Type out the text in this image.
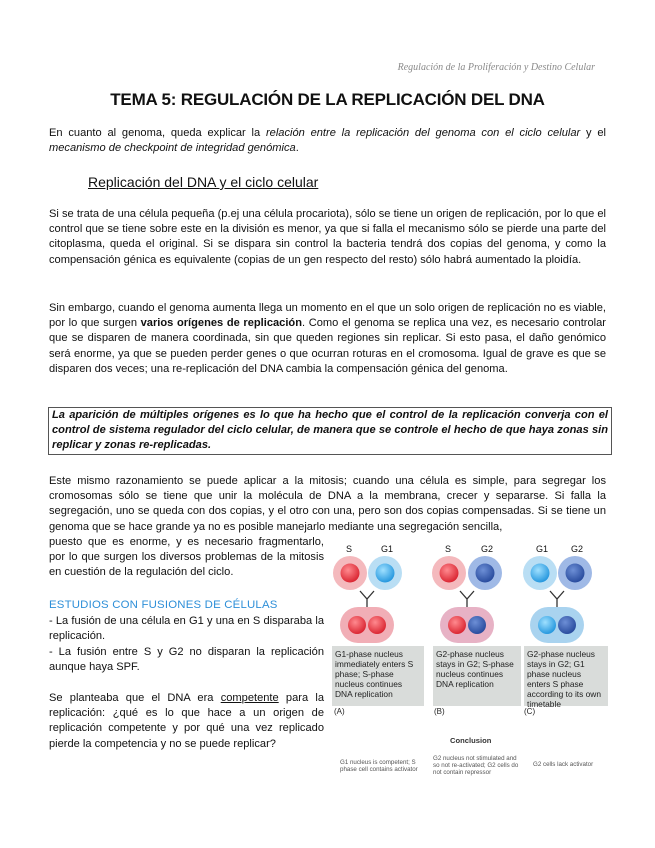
Regulación de la Proliferación y Destino Celular
TEMA 5: REGULACIÓN DE LA REPLICACIÓN DEL DNA
En cuanto al genoma, queda explicar la relación entre la replicación del genoma con el ciclo celular y el mecanismo de checkpoint de integridad genómica.
Replicación del DNA y el ciclo celular
Si se trata de una célula pequeña (p.ej una célula procariota), sólo se tiene un origen de replicación, por lo que el control que se tiene sobre este en la división es menor, ya que si falla el mecanismo sólo se pierde una parte del citoplasma, queda el original. Si se dispara sin control la bacteria tendrá dos copias del genoma, y como la compensación génica es equivalente (copias de un gen respecto del resto) sólo habrá aumentado la ploidía.
Sin embargo, cuando el genoma aumenta llega un momento en el que un solo origen de replicación no es viable, por lo que surgen varios orígenes de replicación. Como el genoma se replica una vez, es necesario controlar que se disparen de manera coordinada, sin que queden regiones sin replicar. Si esto pasa, el daño genómico será enorme, ya que se pueden perder genes o que ocurran roturas en el cromosoma. Igual de grave es que se disparen dos veces; una re-replicación del DNA cambia la compensación génica del genoma.
La aparición de múltiples orígenes es lo que ha hecho que el control de la replicación converja con el control de sistema regulador del ciclo celular, de manera que se controle el hecho de que haya zonas sin replicar y zonas re-replicadas.
Este mismo razonamiento se puede aplicar a la mitosis; cuando una célula es simple, para segregar los cromosomas sólo se tiene que unir la molécula de DNA a la membrana, crecer y separarse. Si falla la segregación, uno se queda con dos copias, y el otro con una, pero son dos copias compensadas. Si se tiene un genoma que se hace grande ya no es posible manejarlo mediante una segregación sencilla,
puesto que es enorme, y es necesario fragmentarlo, por lo que surgen los diversos problemas de la mitosis en cuestión de la regulación del ciclo.
ESTUDIOS CON FUSIONES DE CÉLULAS
- La fusión de una célula en G1 y una en S disparaba la replicación.
- La fusión entre S y G2 no disparan la replicación aunque haya SPF.
Se planteaba que el DNA era competente para la replicación: ¿qué es lo que hace a un origen de replicación competente y por qué una vez replicado pierde la competencia y no se puede replicar?
S	G1	S	G2	G1	G2
G1-phase nucleus immediately enters S phase; S-phase nucleus continues DNA replication
G2-phase nucleus stays in G2; S-phase nucleus continues DNA replication
G2-phase nucleus stays in G2; G1 phase nucleus enters S phase according to its own timetable
(A)	(B)	(C)
Conclusion
G1 nucleus is competent; S phase cell contains activator
G2 nucleus not stimulated and so not re-activated; G2 cells do not contain repressor
G2 cells lack activator
